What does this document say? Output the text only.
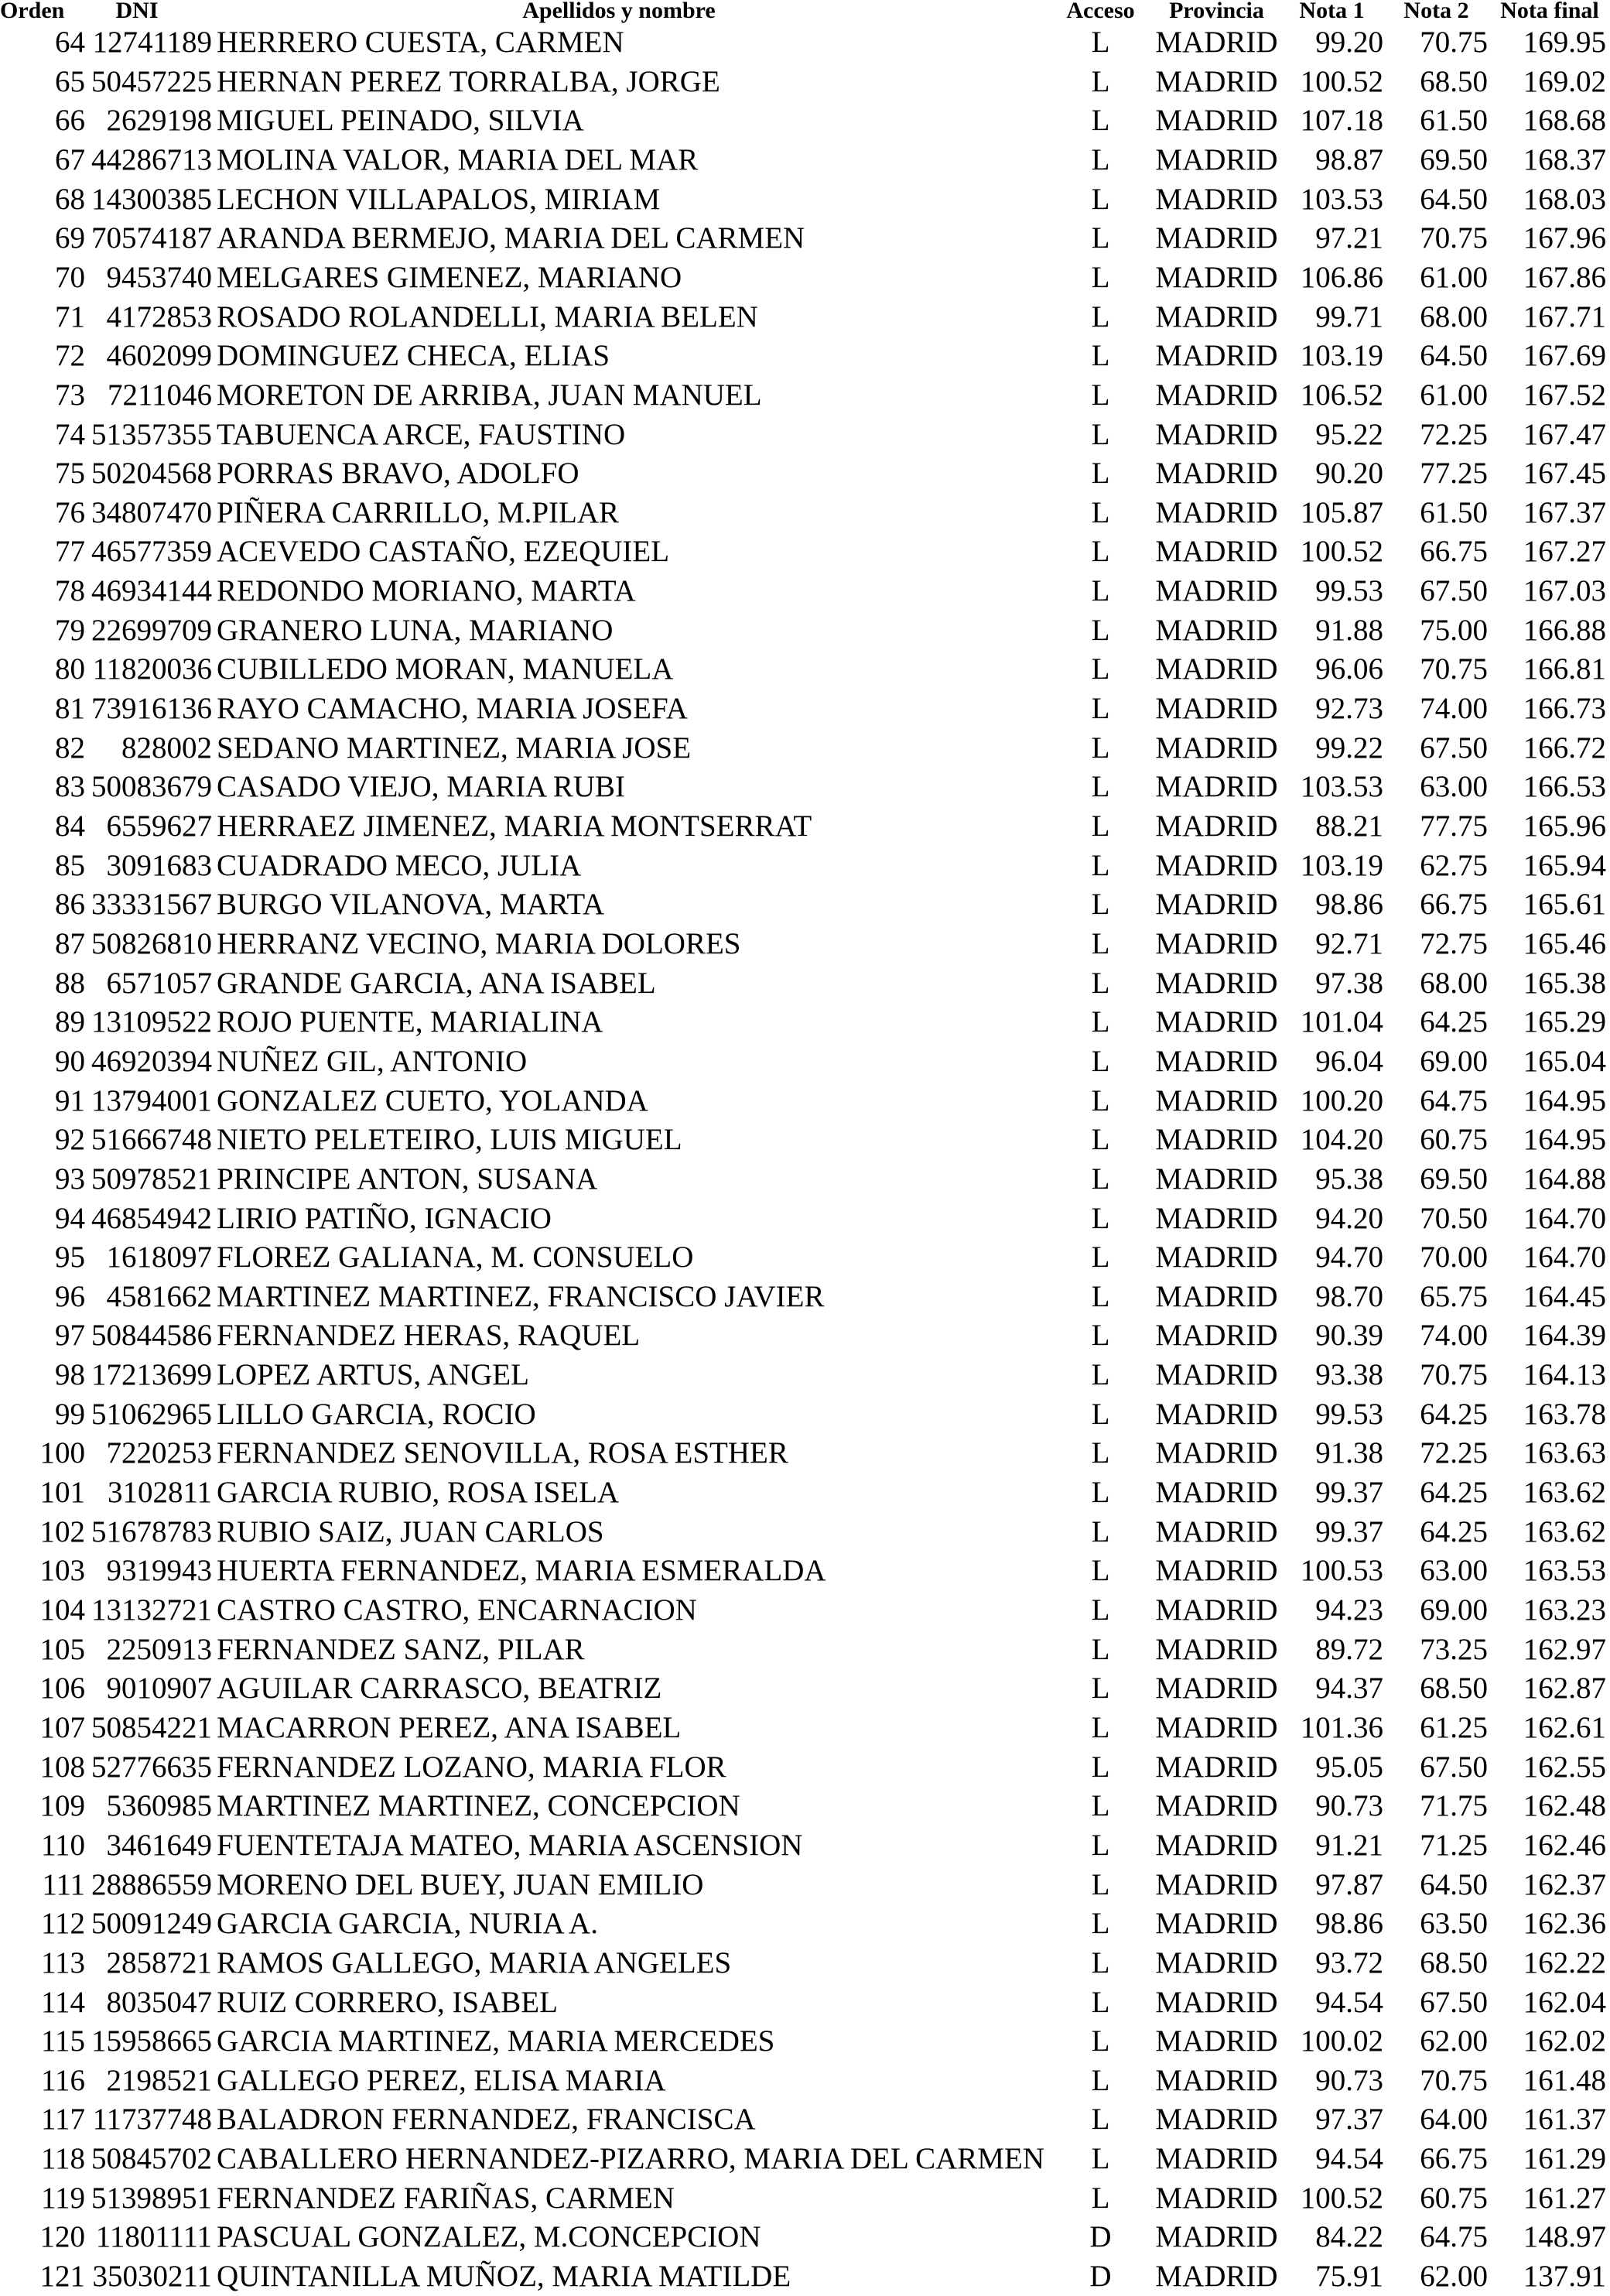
Orden	DNI	Apellidos y nombre	Acceso	Provincia	Nota 1	Nota 2	Nota final
64 12741189 HERRERO CUESTA, CARMEN	L	MADRID	99.20	70.75	169.95
65 50457225 HERNAN PEREZ TORRALBA, JORGE	L	MADRID 100.52	68.50	169.02
66 2629198 MIGUEL PEINADO, SILVIA	L	MADRID 107.18	61.50	168.68
67 44286713 MOLINA VALOR, MARIA DEL MAR	L	MADRID	98.87	69.50	168.37
68 14300385 LECHON VILLAPALOS, MIRIAM	L	MADRID 103.53	64.50	168.03
69 70574187 ARANDA BERMEJO, MARIA DEL CARMEN	L	MADRID	97.21	70.75	167.96
70 9453740 MELGARES GIMENEZ, MARIANO	L	MADRID 106.86	61.00	167.86
71 4172853 ROSADO ROLANDELLI, MARIA BELEN	L	MADRID	99.71	68.00	167.71
72 4602099 DOMINGUEZ CHECA, ELIAS	L	MADRID 103.19	64.50	167.69
73 7211046 MORETON DE ARRIBA, JUAN MANUEL	L	MADRID 106.52	61.00	167.52
74 51357355 TABUENCA ARCE, FAUSTINO	L	MADRID	95.22	72.25	167.47
75 50204568 PORRAS BRAVO, ADOLFO	L	MADRID	90.20	77.25	167.45
76 34807470 PIÑERA CARRILLO, M.PILAR	L	MADRID 105.87	61.50	167.37
77 46577359 ACEVEDO CASTAÑO, EZEQUIEL	L	MADRID 100.52	66.75	167.27
78 46934144 REDONDO MORIANO, MARTA	L	MADRID	99.53	67.50	167.03
79 22699709 GRANERO LUNA, MARIANO	L	MADRID	91.88	75.00	166.88
80 11820036 CUBILLEDO MORAN, MANUELA	L	MADRID	96.06	70.75	166.81
81 73916136 RAYO CAMACHO, MARIA JOSEFA	L	MADRID	92.73	74.00	166.73
82	828002 SEDANO MARTINEZ, MARIA JOSE	L	MADRID	99.22	67.50	166.72
83 50083679 CASADO VIEJO, MARIA RUBI	L	MADRID 103.53	63.00	166.53
84 6559627 HERRAEZ JIMENEZ, MARIA MONTSERRAT	L	MADRID	88.21	77.75	165.96
85 3091683 CUADRADO MECO, JULIA	L	MADRID 103.19	62.75	165.94
86 33331567 BURGO VILANOVA, MARTA	L	MADRID	98.86	66.75	165.61
87 50826810 HERRANZ VECINO, MARIA DOLORES	L	MADRID	92.71	72.75	165.46
88 6571057 GRANDE GARCIA, ANA ISABEL	L	MADRID	97.38	68.00	165.38
89 13109522 ROJO PUENTE, MARIALINA	L	MADRID 101.04	64.25	165.29
90 46920394 NUÑEZ GIL, ANTONIO	L	MADRID	96.04	69.00	165.04
91 13794001 GONZALEZ CUETO, YOLANDA	L	MADRID 100.20	64.75	164.95
92 51666748 NIETO PELETEIRO, LUIS MIGUEL	L	MADRID 104.20	60.75	164.95
93 50978521 PRINCIPE ANTON, SUSANA	L	MADRID	95.38	69.50	164.88
94 46854942 LIRIO PATIÑO, IGNACIO	L	MADRID	94.20	70.50	164.70
95 1618097 FLOREZ GALIANA, M. CONSUELO	L	MADRID	94.70	70.00	164.70
96 4581662 MARTINEZ MARTINEZ, FRANCISCO JAVIER	L	MADRID	98.70	65.75	164.45
97 50844586 FERNANDEZ HERAS, RAQUEL	L	MADRID	90.39	74.00	164.39
98 17213699 LOPEZ ARTUS, ANGEL	L	MADRID	93.38	70.75	164.13
99 51062965 LILLO GARCIA, ROCIO	L	MADRID	99.53	64.25	163.78
100 7220253 FERNANDEZ SENOVILLA, ROSA ESTHER	L	MADRID	91.38	72.25	163.63
101 3102811 GARCIA RUBIO, ROSA ISELA	L	MADRID	99.37	64.25	163.62
102 51678783 RUBIO SAIZ, JUAN CARLOS	L	MADRID	99.37	64.25	163.62
103 9319943 HUERTA FERNANDEZ, MARIA ESMERALDA	L	MADRID 100.53	63.00	163.53
104 13132721 CASTRO CASTRO, ENCARNACION	L	MADRID	94.23	69.00	163.23
105 2250913 FERNANDEZ SANZ, PILAR	L	MADRID	89.72	73.25	162.97
106 9010907 AGUILAR CARRASCO, BEATRIZ	L	MADRID	94.37	68.50	162.87
107 50854221 MACARRON PEREZ, ANA ISABEL	L	MADRID 101.36	61.25	162.61
108 52776635 FERNANDEZ LOZANO, MARIA FLOR	L	MADRID	95.05	67.50	162.55
109 5360985 MARTINEZ MARTINEZ, CONCEPCION	L	MADRID	90.73	71.75	162.48
110 3461649 FUENTETAJA MATEO, MARIA ASCENSION	L	MADRID	91.21	71.25	162.46
111 28886559 MORENO DEL BUEY, JUAN EMILIO	L	MADRID	97.87	64.50	162.37
112 50091249 GARCIA GARCIA, NURIA A.	L	MADRID	98.86	63.50	162.36
113 2858721 RAMOS GALLEGO, MARIA ANGELES	L	MADRID	93.72	68.50	162.22
114 8035047 RUIZ CORRERO, ISABEL	L	MADRID	94.54	67.50	162.04
115 15958665 GARCIA MARTINEZ, MARIA MERCEDES	L	MADRID 100.02	62.00	162.02
116 2198521 GALLEGO PEREZ, ELISA MARIA	L	MADRID	90.73	70.75	161.48
117 11737748 BALADRON FERNANDEZ, FRANCISCA	L	MADRID	97.37	64.00	161.37
118 50845702 CABALLERO HERNANDEZ-PIZARRO, MARIA DEL CARMEN	L	MADRID	94.54	66.75	161.29
119 51398951 FERNANDEZ FARIÑAS, CARMEN	L	MADRID 100.52	60.75	161.27
120 11801111 PASCUAL GONZALEZ, M.CONCEPCION	D	MADRID	84.22	64.75	148.97
121 35030211 QUINTANILLA MUÑOZ, MARIA MATILDE	D	MADRID	75.91	62.00	137.91
